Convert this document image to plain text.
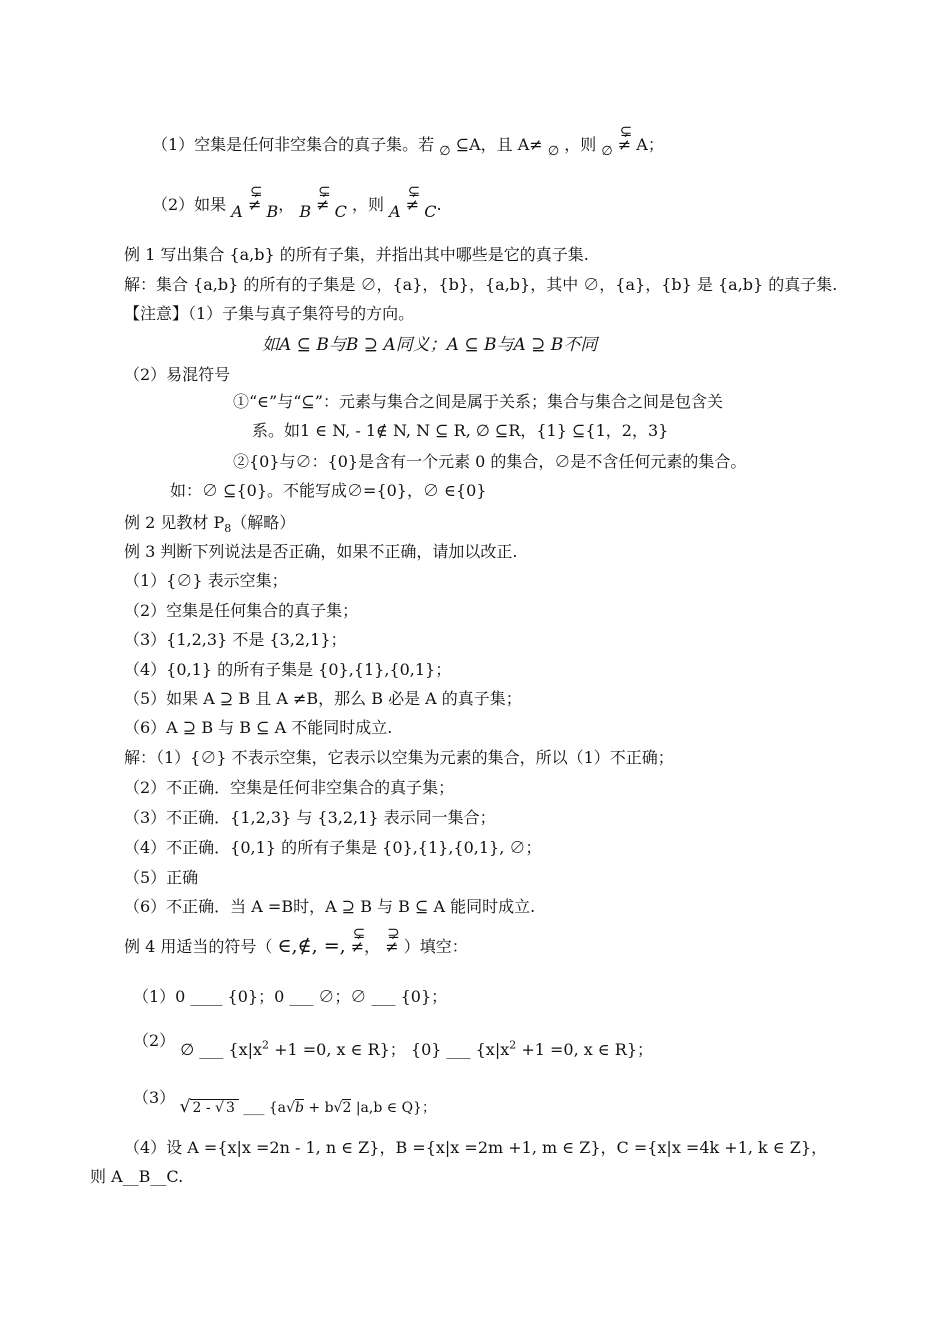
（1）空集是任何非空集合的真子集。若 $_\emptyset$ ⊆A，且 A≠ $_\emptyset$ ，则 $_\emptyset$
⊊
≠ A；
（2）如果 A
⊊
≠ B， B
⊊
≠ C ，则 A
⊊
≠ C.
例 1 写出集合 {a,b} 的所有子集，并指出其中哪些是它的真子集.
解：集合 {a,b} 的所有的子集是 ∅，{a}，{b}，{a,b}，其中 ∅，{a}，{b} 是 {a,b} 的真子集.
【注意】（1）子集与真子集符号的方向。
如A ⊆ B与B ⊇ A同义；A ⊆ B与A ⊇ B不同
（2）易混符号
①“∈”与“⊆”：元素与集合之间是属于关系；集合与集合之间是包含关
系。如1 ∈ N, - 1∉ N, N ⊆ R, ∅ ⊆R，{1} ⊆{1，2，3}
②{0}与∅：{0}是含有一个元素 0 的集合，∅是不含任何元素的集合。
如：∅ ⊆{0}。不能写成∅={0}，∅ ∈{0}
例 2 见教材 $P_8$（解略）
例 3 判断下列说法是否正确，如果不正确，请加以改正.
（1）{∅} 表示空集；
（2）空集是任何集合的真子集；
（3）{1,2,3} 不是 {3,2,1}；
（4）{0,1} 的所有子集是 {0},{1},{0,1}；
（5）如果 A ⊇ B 且 A ≠B，那么 B 必是 A 的真子集；
（6）A ⊇ B 与 B ⊆ A 不能同时成立.
解：（1）{∅} 不表示空集，它表示以空集为元素的集合，所以（1）不正确；
（2）不正确．空集是任何非空集合的真子集；
（3）不正确．{1,2,3} 与 {3,2,1} 表示同一集合；
（4）不正确．{0,1} 的所有子集是 {0},{1},{0,1}, ∅；
（5）正确
（6）不正确．当 A =B时，A ⊇ B 与 B ⊆ A 能同时成立.
例 4 用适当的符号（ ∈,∉, =,
⊊
≠，
⊋
≠ ）填空：
（1）0 ____ {0}；0 ___ ∅；∅ ___ {0}；
（2） ∅ ___ {$x|x^2 +1 =0$, x ∈ R}； {0} ___ {$x|x^2 +1 =0$, x ∈ R}；
（3） √ 2 - √ 3 ___ {a√b + b√2 |a,b ∈ Q}；
（4）设 A ={x|x =2n - 1, n ∈ Z}，B ={x|x =2m +1, m ∈ Z}，C ={x|x =4k +1, k ∈ Z}，
则 A__B__C.
